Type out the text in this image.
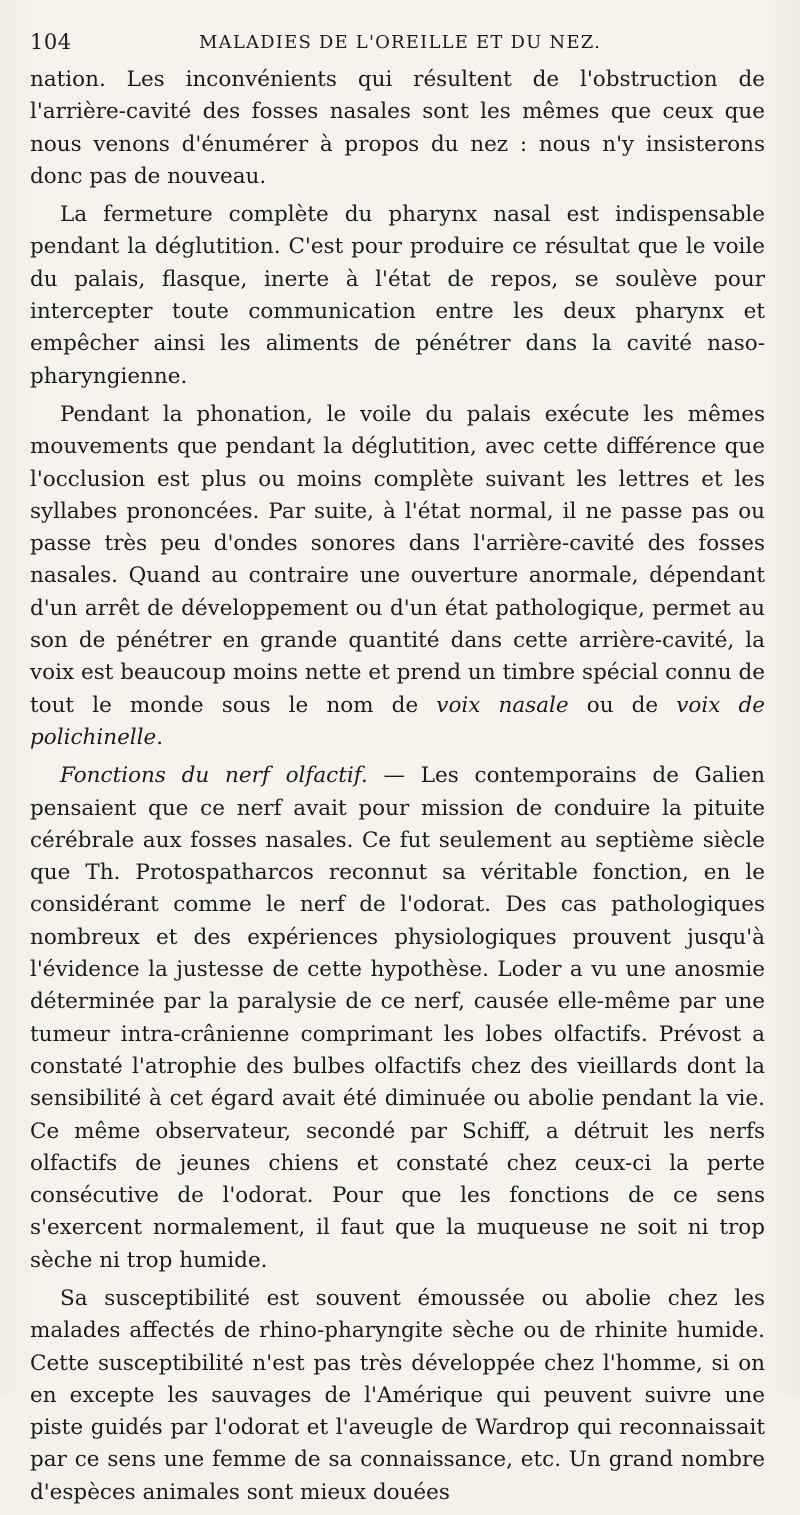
104	MALADIES DE L'OREILLE ET DU NEZ.

nation. Les inconvénients qui résultent de l'obstruction de l'arrière-cavité des fosses nasales sont les mêmes que ceux que nous venons d'énumérer à propos du nez : nous n'y insisterons donc pas de nouveau.

La fermeture complète du pharynx nasal est indispensable pendant la déglutition. C'est pour produire ce résultat que le voile du palais, flasque, inerte à l'état de repos, se soulève pour intercepter toute communication entre les deux pharynx et empêcher ainsi les aliments de pénétrer dans la cavité naso-pharyngienne.

Pendant la phonation, le voile du palais exécute les mêmes mouvements que pendant la déglutition, avec cette différence que l'occlusion est plus ou moins complète suivant les lettres et les syllabes prononcées. Par suite, à l'état normal, il ne passe pas ou passe très peu d'ondes sonores dans l'arrière-cavité des fosses nasales. Quand au contraire une ouverture anormale, dépendant d'un arrêt de développement ou d'un état pathologique, permet au son de pénétrer en grande quantité dans cette arrière-cavité, la voix est beaucoup moins nette et prend un timbre spécial connu de tout le monde sous le nom de voix nasale ou de voix de polichinelle.

Fonctions du nerf olfactif. — Les contemporains de Galien pensaient que ce nerf avait pour mission de conduire la pituite cérébrale aux fosses nasales. Ce fut seulement au septième siècle que Th. Protospatharcos reconnut sa véritable fonction, en le considérant comme le nerf de l'odorat. Des cas pathologiques nombreux et des expériences physiologiques prouvent jusqu'à l'évidence la justesse de cette hypothèse. Loder a vu une anosmie déterminée par la paralysie de ce nerf, causée elle-même par une tumeur intra-crânienne comprimant les lobes olfactifs. Prévost a constaté l'atrophie des bulbes olfactifs chez des vieillards dont la sensibilité à cet égard avait été diminuée ou abolie pendant la vie. Ce même observateur, secondé par Schiff, a détruit les nerfs olfactifs de jeunes chiens et constaté chez ceux-ci la perte consécutive de l'odorat. Pour que les fonctions de ce sens s'exercent normalement, il faut que la muqueuse ne soit ni trop sèche ni trop humide.

Sa susceptibilité est souvent émoussée ou abolie chez les malades affectés de rhino-pharyngite sèche ou de rhinite humide. Cette susceptibilité n'est pas très développée chez l'homme, si on en excepte les sauvages de l'Amérique qui peuvent suivre une piste guidés par l'odorat et l'aveugle de Wardrop qui reconnaissait par ce sens une femme de sa connaissance, etc. Un grand nombre d'espèces animales sont mieux douées
